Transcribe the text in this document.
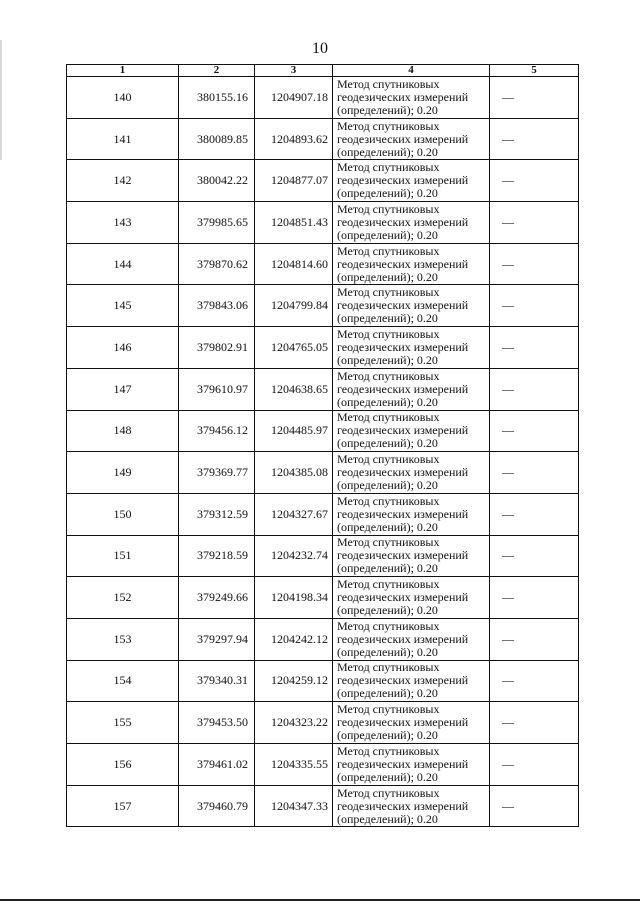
10
1	2	3	4	5
140	380155.16	1204907.18	Метод спутниковых
геодезических измерений
(определений); 0.20	—
141	380089.85	1204893.62	Метод спутниковых
геодезических измерений
(определений); 0.20	—
142	380042.22	1204877.07	Метод спутниковых
геодезических измерений
(определений); 0.20	—
143	379985.65	1204851.43	Метод спутниковых
геодезических измерений
(определений); 0.20	—
144	379870.62	1204814.60	Метод спутниковых
геодезических измерений
(определений); 0.20	—
145	379843.06	1204799.84	Метод спутниковых
геодезических измерений
(определений); 0.20	—
146	379802.91	1204765.05	Метод спутниковых
геодезических измерений
(определений); 0.20	—
147	379610.97	1204638.65	Метод спутниковых
геодезических измерений
(определений); 0.20	—
148	379456.12	1204485.97	Метод спутниковых
геодезических измерений
(определений); 0.20	—
149	379369.77	1204385.08	Метод спутниковых
геодезических измерений
(определений); 0.20	—
150	379312.59	1204327.67	Метод спутниковых
геодезических измерений
(определений); 0.20	—
151	379218.59	1204232.74	Метод спутниковых
геодезических измерений
(определений); 0.20	—
152	379249.66	1204198.34	Метод спутниковых
геодезических измерений
(определений); 0.20	—
153	379297.94	1204242.12	Метод спутниковых
геодезических измерений
(определений); 0.20	—
154	379340.31	1204259.12	Метод спутниковых
геодезических измерений
(определений); 0.20	—
155	379453.50	1204323.22	Метод спутниковых
геодезических измерений
(определений); 0.20	—
156	379461.02	1204335.55	Метод спутниковых
геодезических измерений
(определений); 0.20	—
157	379460.79	1204347.33	Метод спутниковых
геодезических измерений
(определений); 0.20	—
